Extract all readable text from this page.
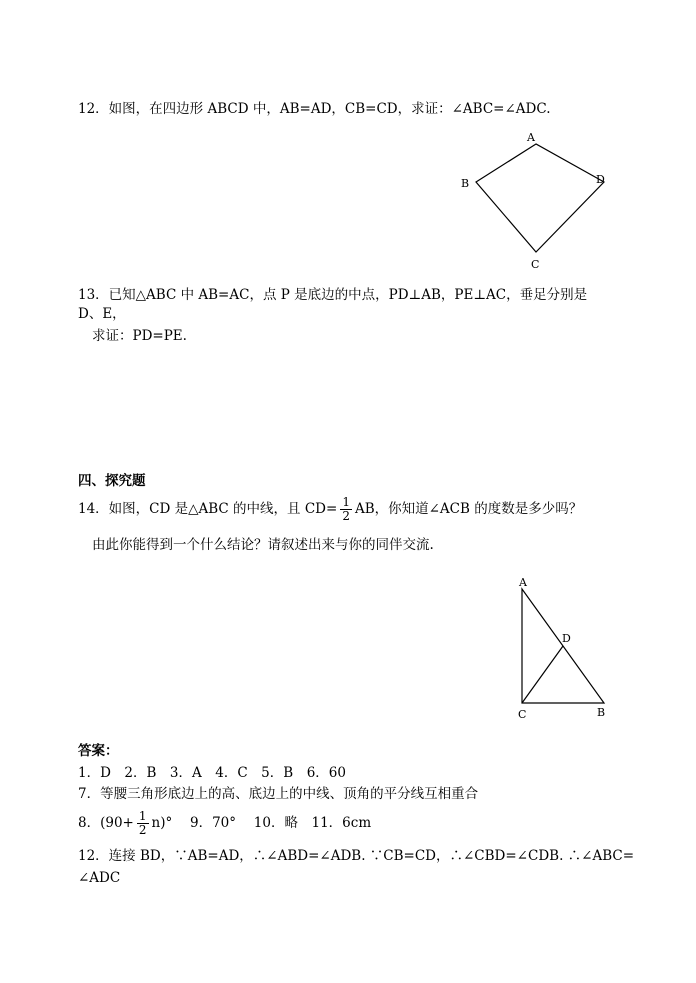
12．如图，在四边形 ABCD 中，AB=AD，CB=CD，求证：∠ABC=∠ADC.
A
B
C
D
13．已知△ABC 中 AB=AC，点 P 是底边的中点，PD⊥AB，PE⊥AC，垂足分别是
D、E，
求证：PD=PE.
四、探究题
14．如图，CD 是△ABC 的中线，且 $CD= \frac{1}{2}$ AB，你知道∠ACB 的度数是多少吗？
由此你能得到一个什么结论？请叙述出来与你的同伴交流.
A
D
C	B
答案：
1．D　2．B　3．A　4．C　5．B　6．60
7．等腰三角形底边上的高、底边上的中线、顶角的平分线互相重合
8．$(90+ \frac{1}{2} n)^\circ$　 9．70°　 10．略　11．6cm
12．连接 BD，∵AB=AD，∴∠ABD=∠ADB. ∵CB=CD，∴∠CBD=∠CDB. ∴∠ABC=
∠ADC
